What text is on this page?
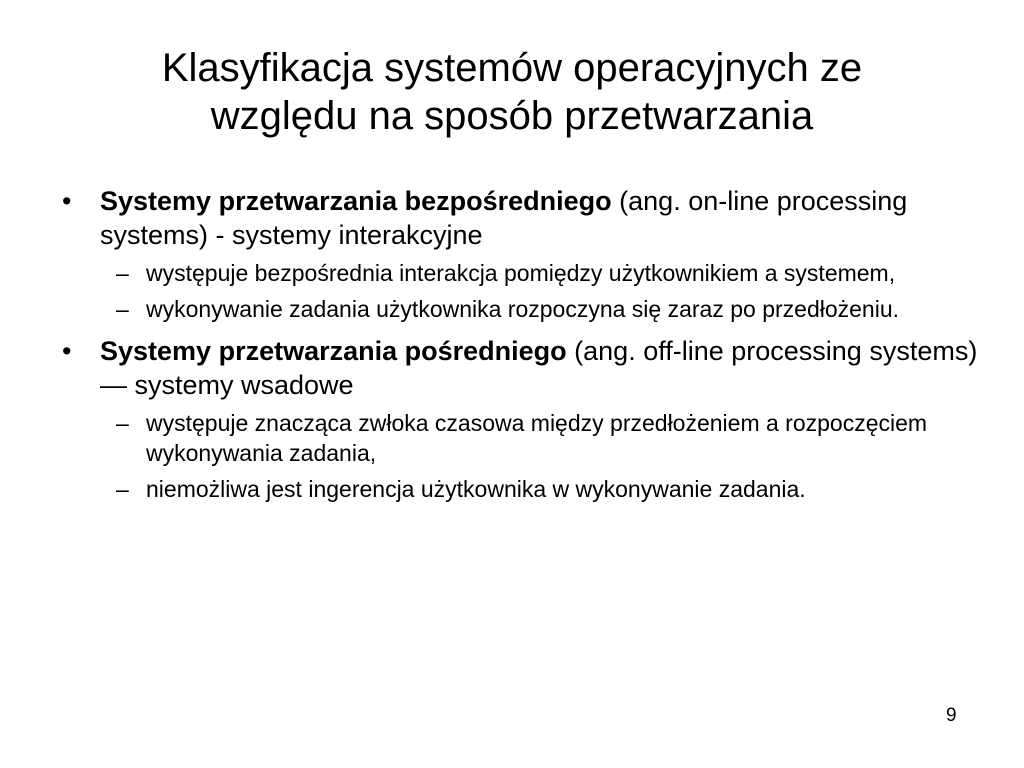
Klasyfikacja systemów operacyjnych ze
względu na sposób przetwarzania
• Systemy przetwarzania bezpośredniego (ang. on-line processing systems) - systemy interakcyjne
– występuje bezpośrednia interakcja pomiędzy użytkownikiem a systemem,
– wykonywanie zadania użytkownika rozpoczyna się zaraz po przedłożeniu.
• Systemy przetwarzania pośredniego (ang. off-line processing systems) — systemy wsadowe
– występuje znacząca zwłoka czasowa między przedłożeniem a rozpoczęciem wykonywania zadania,
– niemożliwa jest ingerencja użytkownika w wykonywanie zadania.
9
